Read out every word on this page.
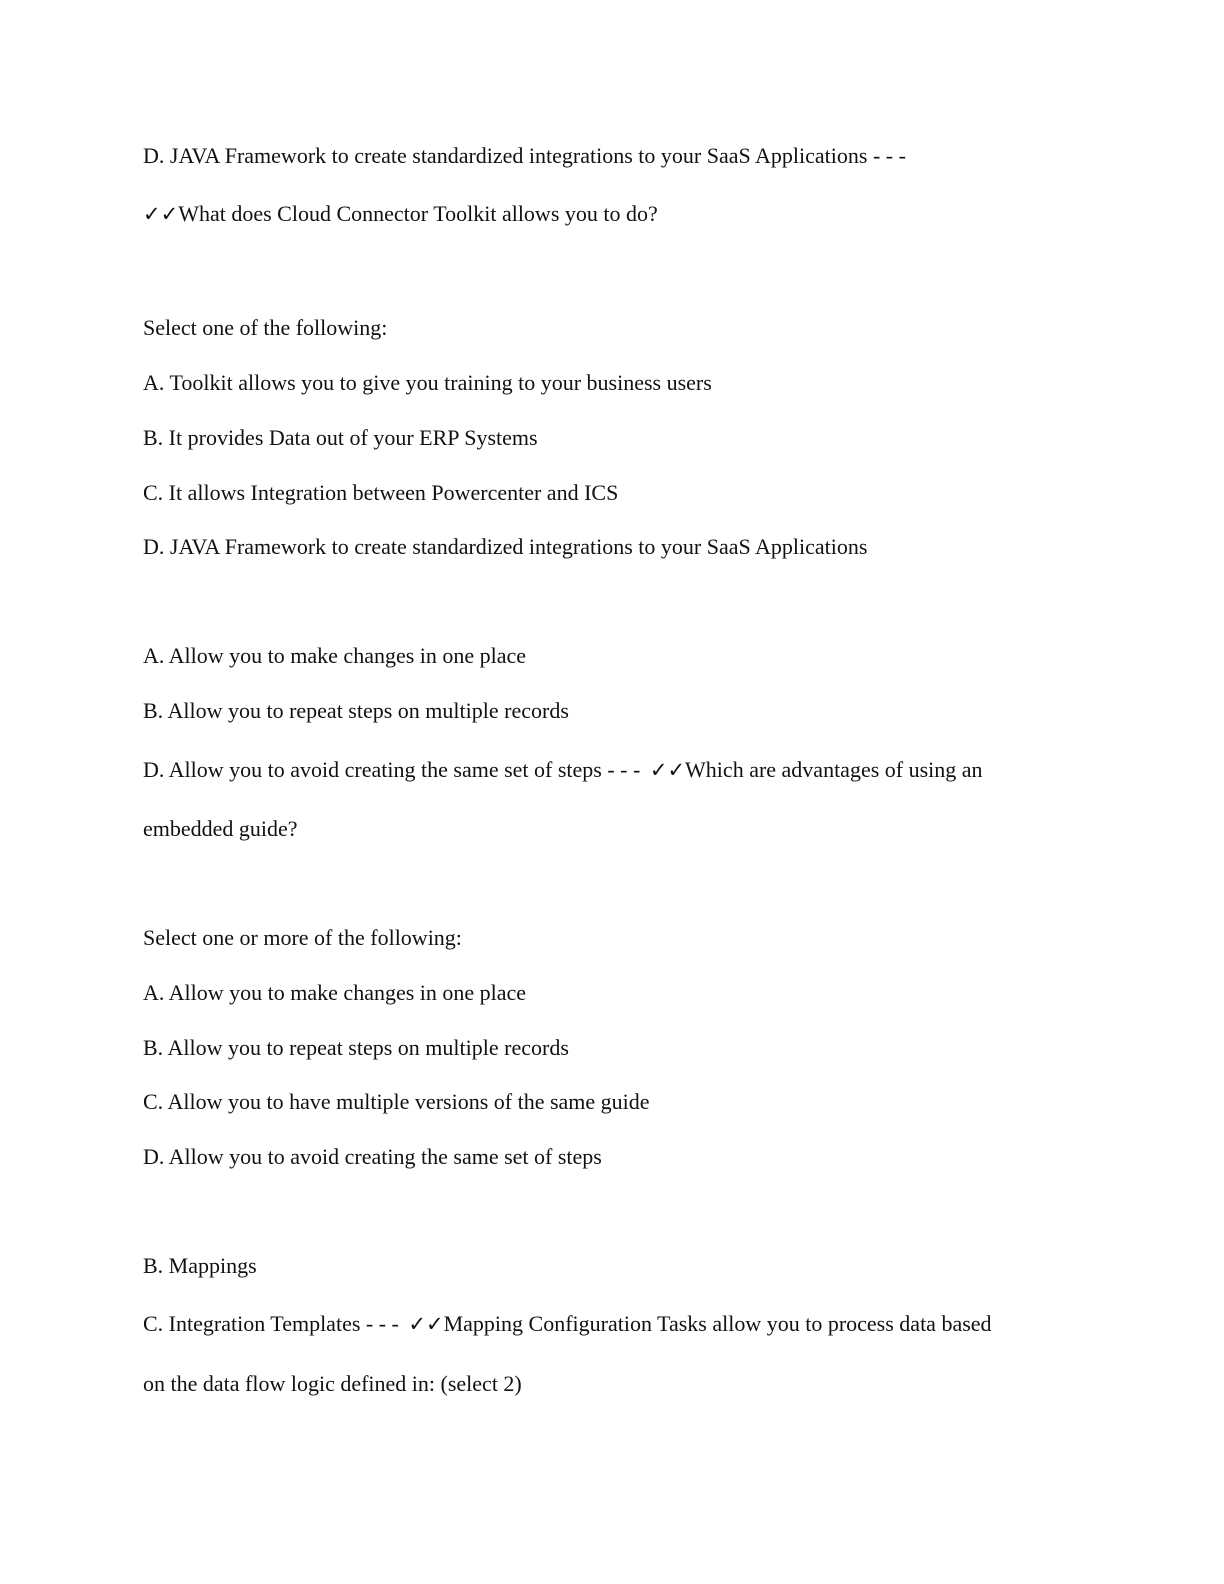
D. JAVA Framework to create standardized integrations to your SaaS Applications - - -
✓✓What does Cloud Connector Toolkit allows you to do?
Select one of the following:
A. Toolkit allows you to give you training to your business users
B. It provides Data out of your ERP Systems
C. It allows Integration between Powercenter and ICS
D. JAVA Framework to create standardized integrations to your SaaS Applications
A. Allow you to make changes in one place
B. Allow you to repeat steps on multiple records
D. Allow you to avoid creating the same set of steps - - - ✓✓Which are advantages of using an
embedded guide?
Select one or more of the following:
A. Allow you to make changes in one place
B. Allow you to repeat steps on multiple records
C. Allow you to have multiple versions of the same guide
D. Allow you to avoid creating the same set of steps
B. Mappings
C. Integration Templates - - - ✓✓Mapping Configuration Tasks allow you to process data based
on the data flow logic defined in: (select 2)
